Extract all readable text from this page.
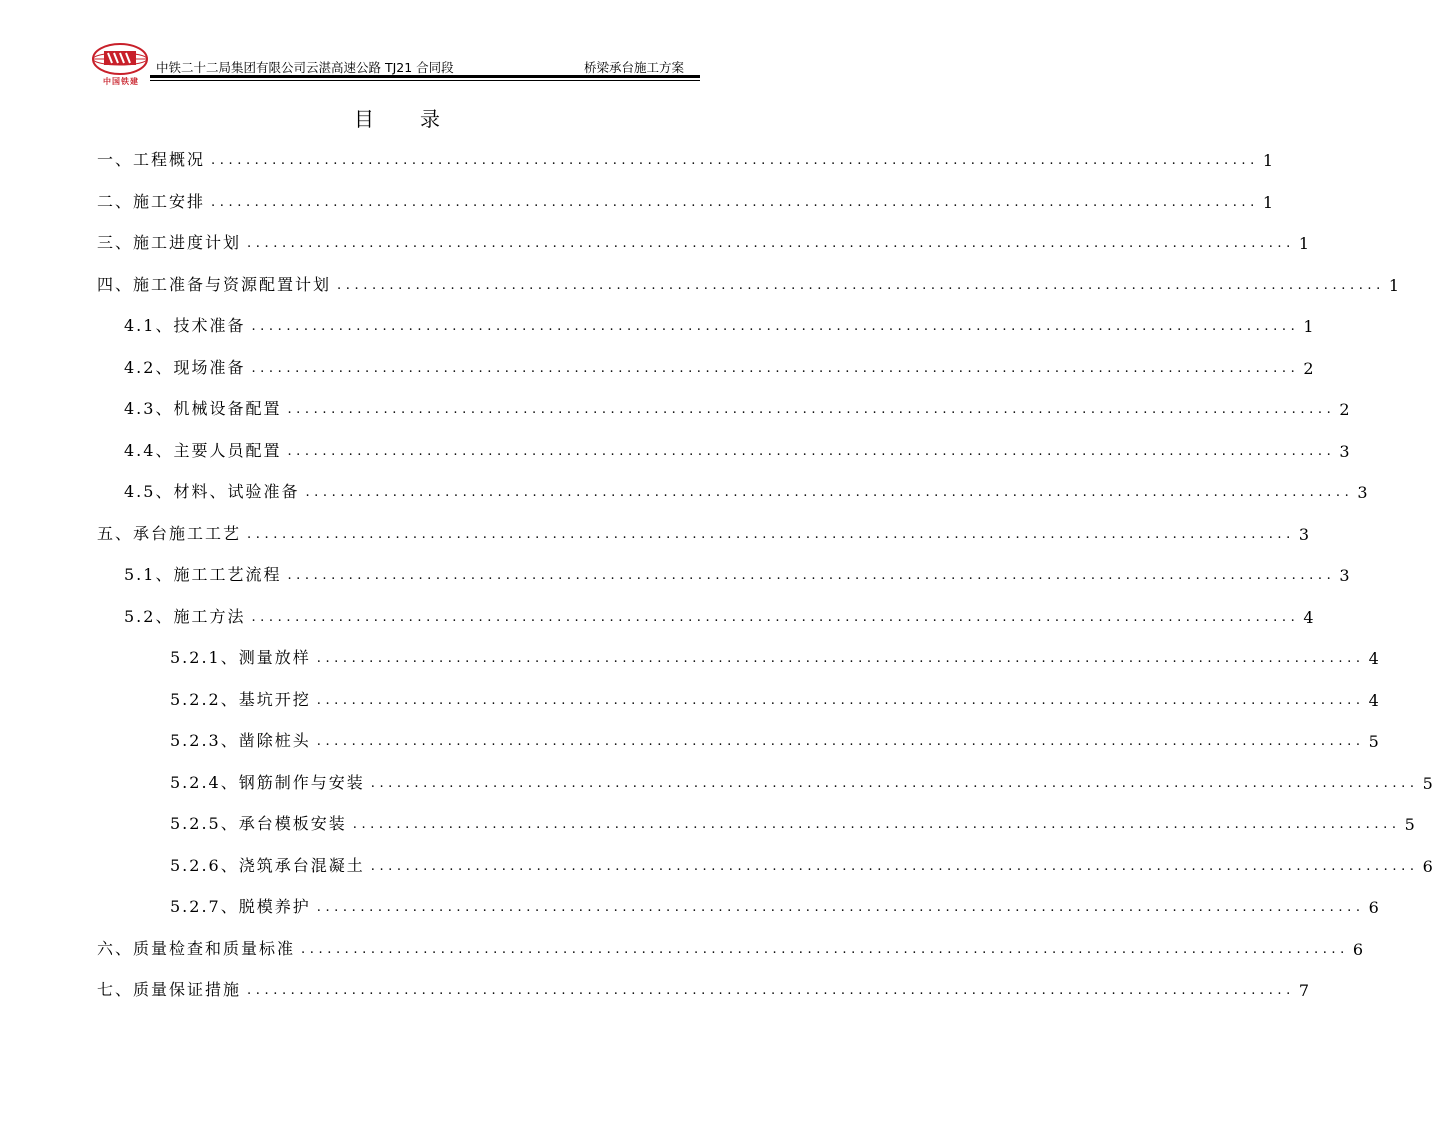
中国铁建
中铁二十二局集团有限公司云湛高速公路 TJ21 合同段	桥梁承台施工方案
目录
一、工程概况 ........................................................................................................................ 1
二、施工安排 ........................................................................................................................ 1
三、施工进度计划 ........................................................................................................................ 1
四、施工准备与资源配置计划 ........................................................................................................................ 1
4.1、技术准备 ........................................................................................................................ 1
4.2、现场准备 ........................................................................................................................ 2
4.3、机械设备配置 ........................................................................................................................ 2
4.4、主要人员配置 ........................................................................................................................ 3
4.5、材料、试验准备 ........................................................................................................................ 3
五、承台施工工艺 ........................................................................................................................ 3
5.1、施工工艺流程 ........................................................................................................................ 3
5.2、施工方法 ........................................................................................................................ 4
5.2.1、测量放样 ........................................................................................................................ 4
5.2.2、基坑开挖 ........................................................................................................................ 4
5.2.3、凿除桩头 ........................................................................................................................ 5
5.2.4、钢筋制作与安装 ........................................................................................................................ 5
5.2.5、承台模板安装 ........................................................................................................................ 5
5.2.6、浇筑承台混凝土 ........................................................................................................................ 6
5.2.7、脱模养护 ........................................................................................................................ 6
六、质量检查和质量标准 ........................................................................................................................ 6
七、质量保证措施 ........................................................................................................................ 7
